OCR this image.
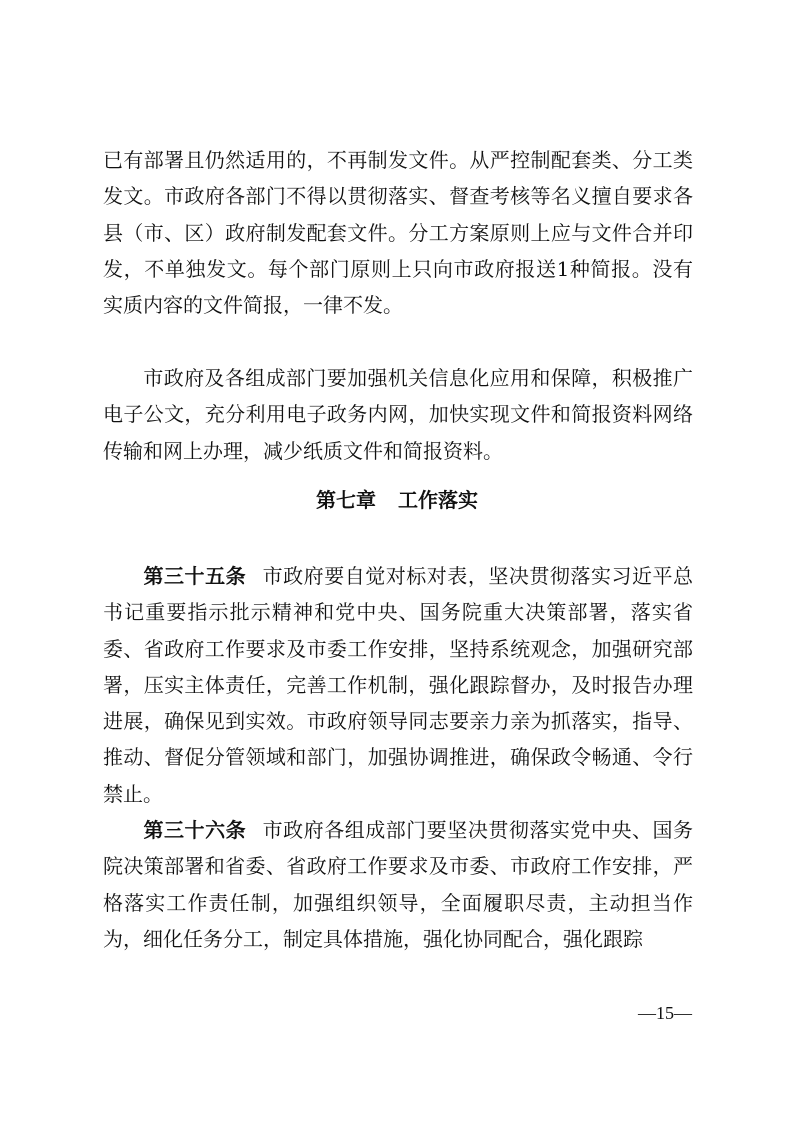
已有部署且仍然适用的，不再制发文件。从严控制配套类、分工类发文。市政府各部门不得以贯彻落实、督查考核等名义擅自要求各县（市、区）政府制发配套文件。分工方案原则上应与文件合并印发，不单独发文。每个部门原则上只向市政府报送1种简报。没有实质内容的文件简报，一律不发。

市政府及各组成部门要加强机关信息化应用和保障，积极推广电子公文，充分利用电子政务内网，加快实现文件和简报资料网络传输和网上办理，减少纸质文件和简报资料。

第七章 工作落实

第三十五条 市政府要自觉对标对表，坚决贯彻落实习近平总书记重要指示批示精神和党中央、国务院重大决策部署，落实省委、省政府工作要求及市委工作安排，坚持系统观念，加强研究部署，压实主体责任，完善工作机制，强化跟踪督办，及时报告办理进展，确保见到实效。市政府领导同志要亲力亲为抓落实，指导、推动、督促分管领域和部门，加强协调推进，确保政令畅通、令行禁止。

第三十六条 市政府各组成部门要坚决贯彻落实党中央、国务院决策部署和省委、省政府工作要求及市委、市政府工作安排，严格落实工作责任制，加强组织领导，全面履职尽责，主动担当作为，细化任务分工，制定具体措施，强化协同配合，强化跟踪

—15—
